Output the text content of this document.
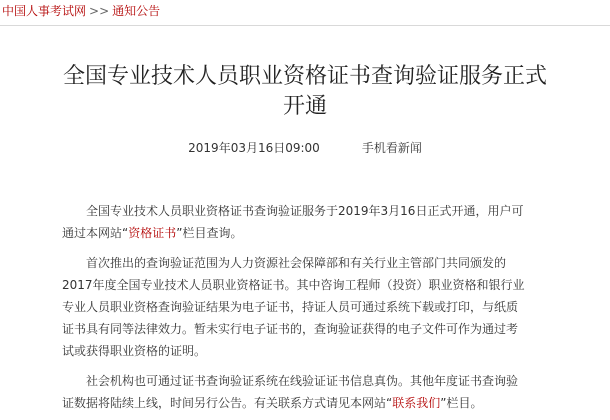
中国人事考试网 >> 通知公告
全国专业技术人员职业资格证书查询验证服务正式
开通
2019年03月16日09:00	手机看新闻

全国专业技术人员职业资格证书查询验证服务于2019年3月16日正式开通，用户可
通过本网站“资格证书”栏目查询。

首次推出的查询验证范围为人力资源社会保障部和有关行业主管部门共同颁发的
2017年度全国专业技术人员职业资格证书。其中咨询工程师（投资）职业资格和银行业
专业人员职业资格查询验证结果为电子证书，持证人员可通过系统下载或打印，与纸质
证书具有同等法律效力。暂未实行电子证书的，查询验证获得的电子文件可作为通过考
试或获得职业资格的证明。

社会机构也可通过证书查询验证系统在线验证证书信息真伪。其他年度证书查询验
证数据将陆续上线，时间另行公告。有关联系方式请见本网站“联系我们”栏目。
